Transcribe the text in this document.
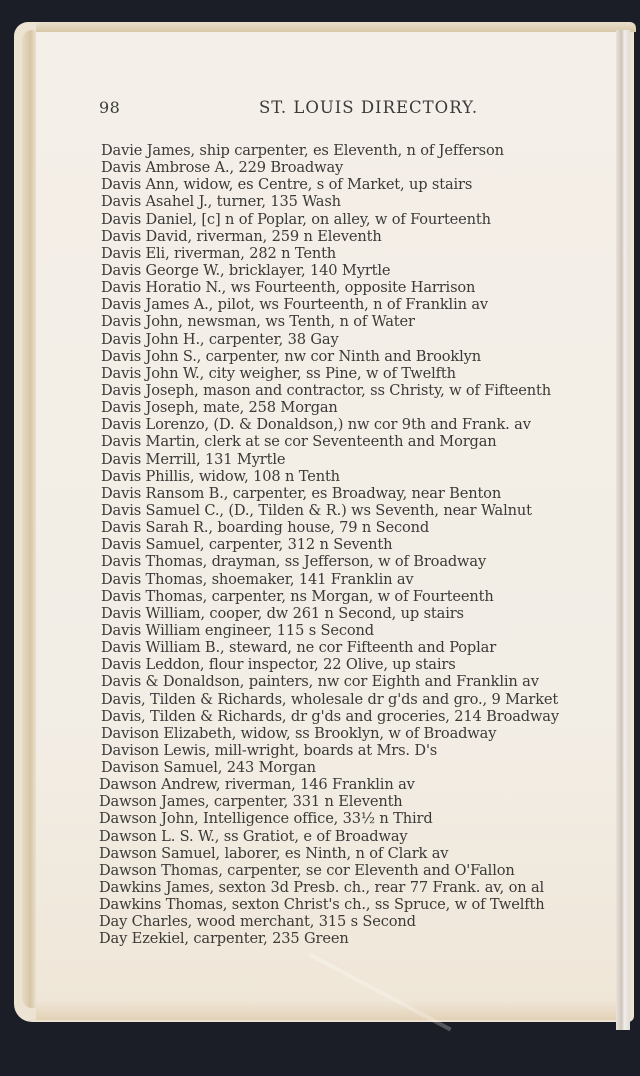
98	ST. LOUIS DIRECTORY.
Davie James, ship carpenter, es Eleventh, n of Jefferson
Davis Ambrose A., 229 Broadway
Davis Ann, widow, es Centre, s of Market, up stairs
Davis Asahel J., turner, 135 Wash
Davis Daniel, [c] n of Poplar, on alley, w of Fourteenth
Davis David, riverman, 259 n Eleventh
Davis Eli, riverman, 282 n Tenth
Davis George W., bricklayer, 140 Myrtle
Davis Horatio N., ws Fourteenth, opposite Harrison
Davis James A., pilot, ws Fourteenth, n of Franklin av
Davis John, newsman, ws Tenth, n of Water
Davis John H., carpenter, 38 Gay
Davis John S., carpenter, nw cor Ninth and Brooklyn
Davis John W., city weigher, ss Pine, w of Twelfth
Davis Joseph, mason and contractor, ss Christy, w of Fifteenth
Davis Joseph, mate, 258 Morgan
Davis Lorenzo, (D. & Donaldson,) nw cor 9th and Frank. av
Davis Martin, clerk at se cor Seventeenth and Morgan
Davis Merrill, 131 Myrtle
Davis Phillis, widow, 108 n Tenth
Davis Ransom B., carpenter, es Broadway, near Benton
Davis Samuel C., (D., Tilden & R.) ws Seventh, near Walnut
Davis Sarah R., boarding house, 79 n Second
Davis Samuel, carpenter, 312 n Seventh
Davis Thomas, drayman, ss Jefferson, w of Broadway
Davis Thomas, shoemaker, 141 Franklin av
Davis Thomas, carpenter, ns Morgan, w of Fourteenth
Davis William, cooper, dw 261 n Second, up stairs
Davis William engineer, 115 s Second
Davis William B., steward, ne cor Fifteenth and Poplar
Davis Leddon, flour inspector, 22 Olive, up stairs
Davis & Donaldson, painters, nw cor Eighth and Franklin av
Davis, Tilden & Richards, wholesale dr g'ds and gro., 9 Market
Davis, Tilden & Richards, dr g'ds and groceries, 214 Broadway
Davison Elizabeth, widow, ss Brooklyn, w of Broadway
Davison Lewis, mill-wright, boards at Mrs. D's
Davison Samuel, 243 Morgan
Dawson Andrew, riverman, 146 Franklin av
Dawson James, carpenter, 331 n Eleventh
Dawson John, Intelligence office, 33½ n Third
Dawson L. S. W., ss Gratiot, e of Broadway
Dawson Samuel, laborer, es Ninth, n of Clark av
Dawson Thomas, carpenter, se cor Eleventh and O'Fallon
Dawkins James, sexton 3d Presb. ch., rear 77 Frank. av, on al
Dawkins Thomas, sexton Christ's ch., ss Spruce, w of Twelfth
Day Charles, wood merchant, 315 s Second
Day Ezekiel, carpenter, 235 Green
